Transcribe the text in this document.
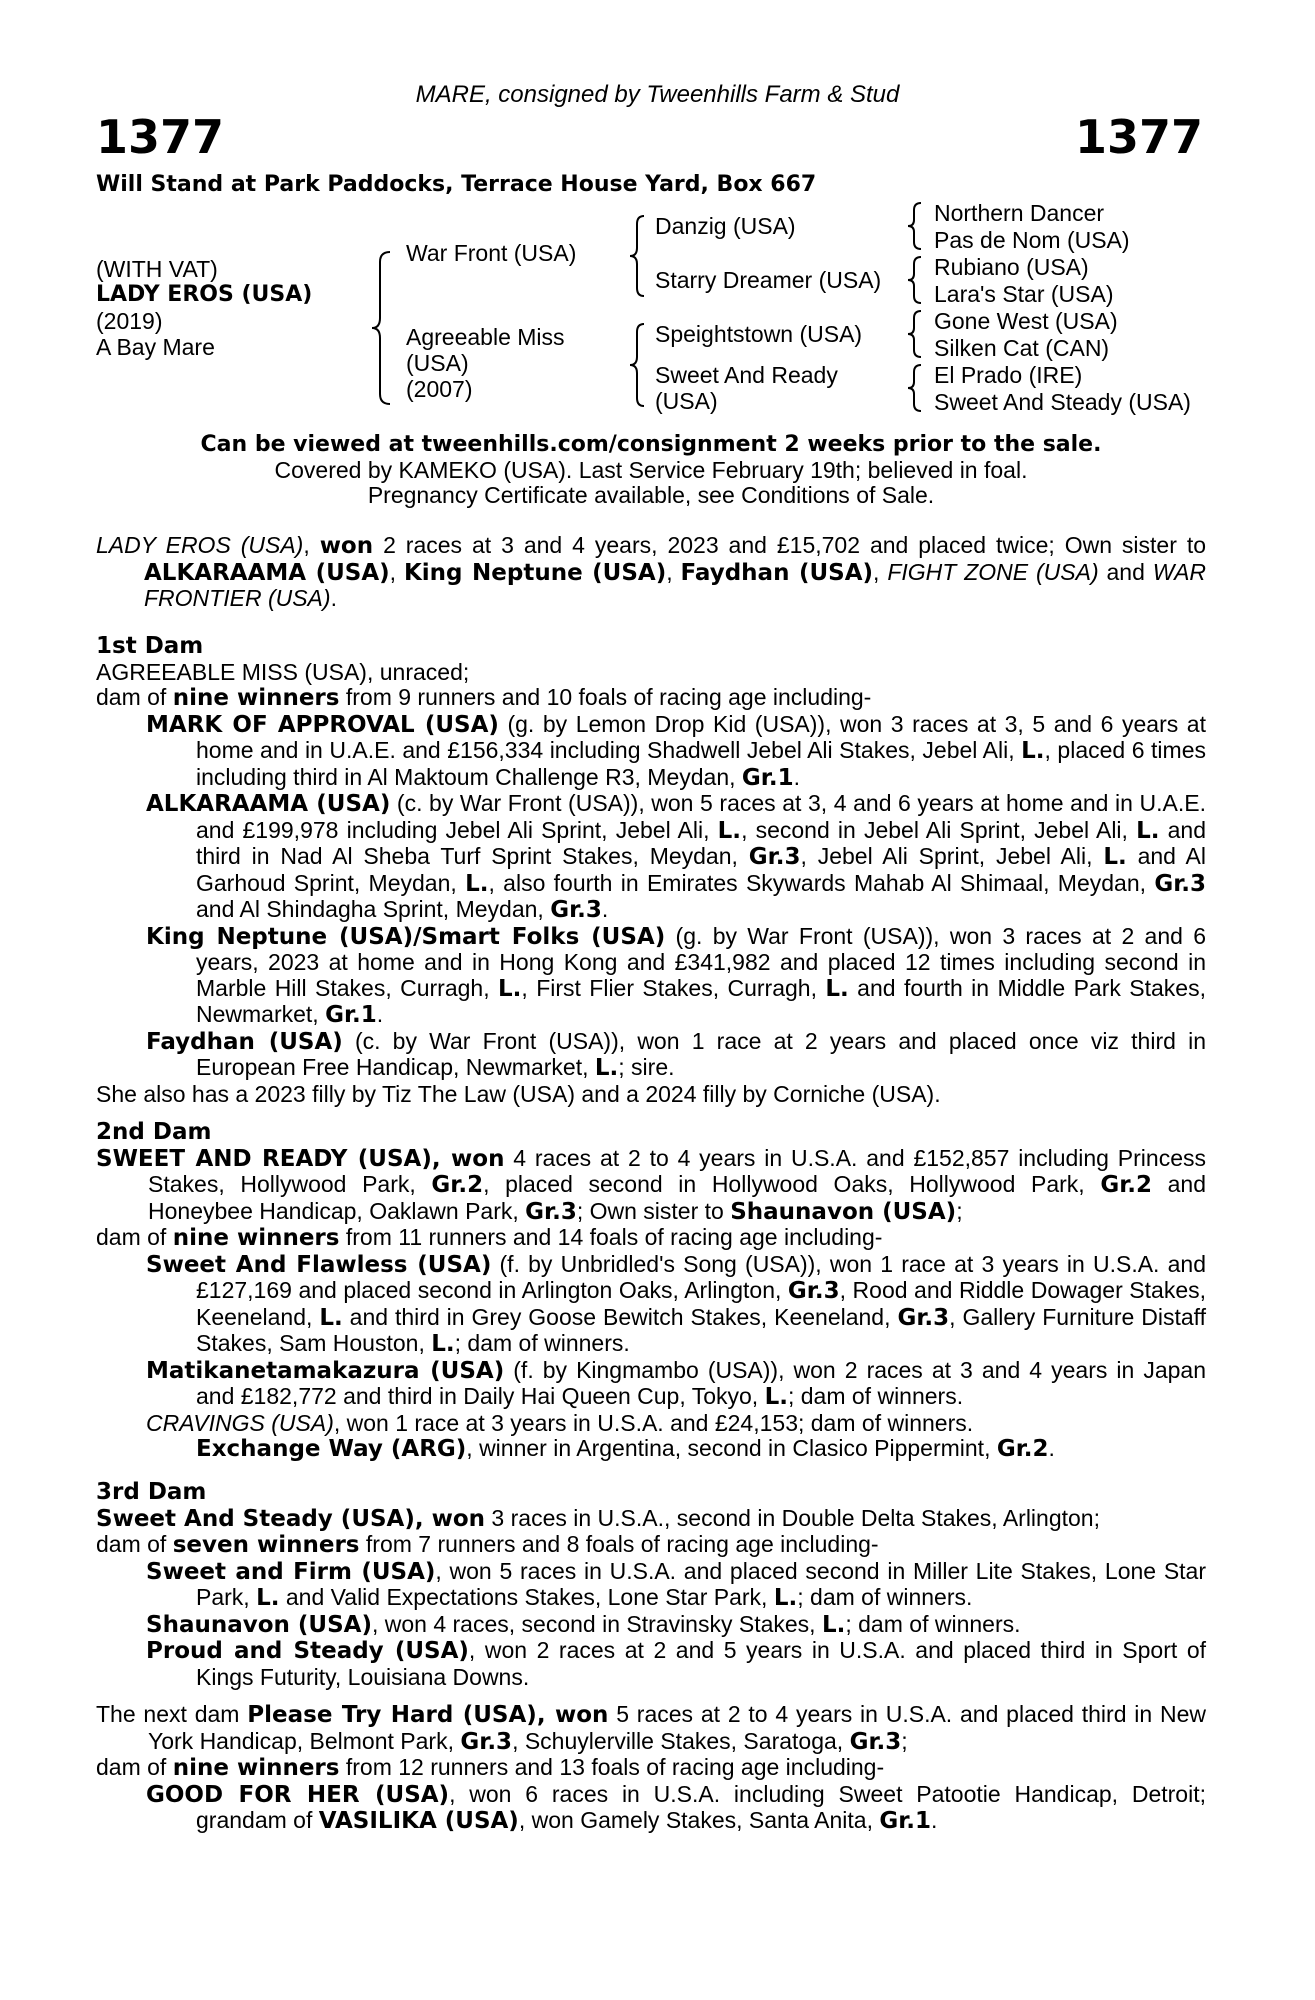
MARE, consigned by Tweenhills Farm & Stud
1377	1377
Will Stand at Park Paddocks, Terrace House Yard, Box 667
(WITH VAT)
LADY EROS (USA)
(2019)
A Bay Mare
War Front (USA)
Agreeable Miss
(USA)
(2007)
Danzig (USA)
Starry Dreamer (USA)
Speightstown (USA)
Sweet And Ready
(USA)
Northern Dancer
Pas de Nom (USA)
Rubiano (USA)
Lara's Star (USA)
Gone West (USA)
Silken Cat (CAN)
El Prado (IRE)
Sweet And Steady (USA)
Can be viewed at tweenhills.com/consignment 2 weeks prior to the sale.
Covered by KAMEKO (USA). Last Service February 19th; believed in foal.
Pregnancy Certificate available, see Conditions of Sale.

LADY EROS (USA), won 2 races at 3 and 4 years, 2023 and £15,702 and placed twice; Own sister to ALKARAAMA (USA), King Neptune (USA), Faydhan (USA), FIGHT ZONE (USA) and WAR FRONTIER (USA).

1st Dam

AGREEABLE MISS (USA), unraced;

dam of nine winners from 9 runners and 10 foals of racing age including-

MARK OF APPROVAL (USA) (g. by Lemon Drop Kid (USA)), won 3 races at 3, 5 and 6 years at home and in U.A.E. and £156,334 including Shadwell Jebel Ali Stakes, Jebel Ali, L., placed 6 times including third in Al Maktoum Challenge R3, Meydan, Gr.1.

ALKARAAMA (USA) (c. by War Front (USA)), won 5 races at 3, 4 and 6 years at home and in U.A.E. and £199,978 including Jebel Ali Sprint, Jebel Ali, L., second in Jebel Ali Sprint, Jebel Ali, L. and third in Nad Al Sheba Turf Sprint Stakes, Meydan, Gr.3, Jebel Ali Sprint, Jebel Ali, L. and Al Garhoud Sprint, Meydan, L., also fourth in Emirates Skywards Mahab Al Shimaal, Meydan, Gr.3 and Al Shindagha Sprint, Meydan, Gr.3.

King Neptune (USA)/Smart Folks (USA) (g. by War Front (USA)), won 3 races at 2 and 6 years, 2023 at home and in Hong Kong and £341,982 and placed 12 times including second in Marble Hill Stakes, Curragh, L., First Flier Stakes, Curragh, L. and fourth in Middle Park Stakes, Newmarket, Gr.1.

Faydhan (USA) (c. by War Front (USA)), won 1 race at 2 years and placed once viz third in European Free Handicap, Newmarket, L.; sire.

She also has a 2023 filly by Tiz The Law (USA) and a 2024 filly by Corniche (USA).

2nd Dam

SWEET AND READY (USA), won 4 races at 2 to 4 years in U.S.A. and £152,857 including Princess Stakes, Hollywood Park, Gr.2, placed second in Hollywood Oaks, Hollywood Park, Gr.2 and Honeybee Handicap, Oaklawn Park, Gr.3; Own sister to Shaunavon (USA);

dam of nine winners from 11 runners and 14 foals of racing age including-

Sweet And Flawless (USA) (f. by Unbridled's Song (USA)), won 1 race at 3 years in U.S.A. and £127,169 and placed second in Arlington Oaks, Arlington, Gr.3, Rood and Riddle Dowager Stakes, Keeneland, L. and third in Grey Goose Bewitch Stakes, Keeneland, Gr.3, Gallery Furniture Distaff Stakes, Sam Houston, L.; dam of winners.

Matikanetamakazura (USA) (f. by Kingmambo (USA)), won 2 races at 3 and 4 years in Japan and £182,772 and third in Daily Hai Queen Cup, Tokyo, L.; dam of winners.

CRAVINGS (USA), won 1 race at 3 years in U.S.A. and £24,153; dam of winners.

Exchange Way (ARG), winner in Argentina, second in Clasico Pippermint, Gr.2.

3rd Dam

Sweet And Steady (USA), won 3 races in U.S.A., second in Double Delta Stakes, Arlington;

dam of seven winners from 7 runners and 8 foals of racing age including-

Sweet and Firm (USA), won 5 races in U.S.A. and placed second in Miller Lite Stakes, Lone Star Park, L. and Valid Expectations Stakes, Lone Star Park, L.; dam of winners.

Shaunavon (USA), won 4 races, second in Stravinsky Stakes, L.; dam of winners.

Proud and Steady (USA), won 2 races at 2 and 5 years in U.S.A. and placed third in Sport of Kings Futurity, Louisiana Downs.

The next dam Please Try Hard (USA), won 5 races at 2 to 4 years in U.S.A. and placed third in New York Handicap, Belmont Park, Gr.3, Schuylerville Stakes, Saratoga, Gr.3;

dam of nine winners from 12 runners and 13 foals of racing age including-

GOOD FOR HER (USA), won 6 races in U.S.A. including Sweet Patootie Handicap, Detroit; grandam of VASILIKA (USA), won Gamely Stakes, Santa Anita, Gr.1.
